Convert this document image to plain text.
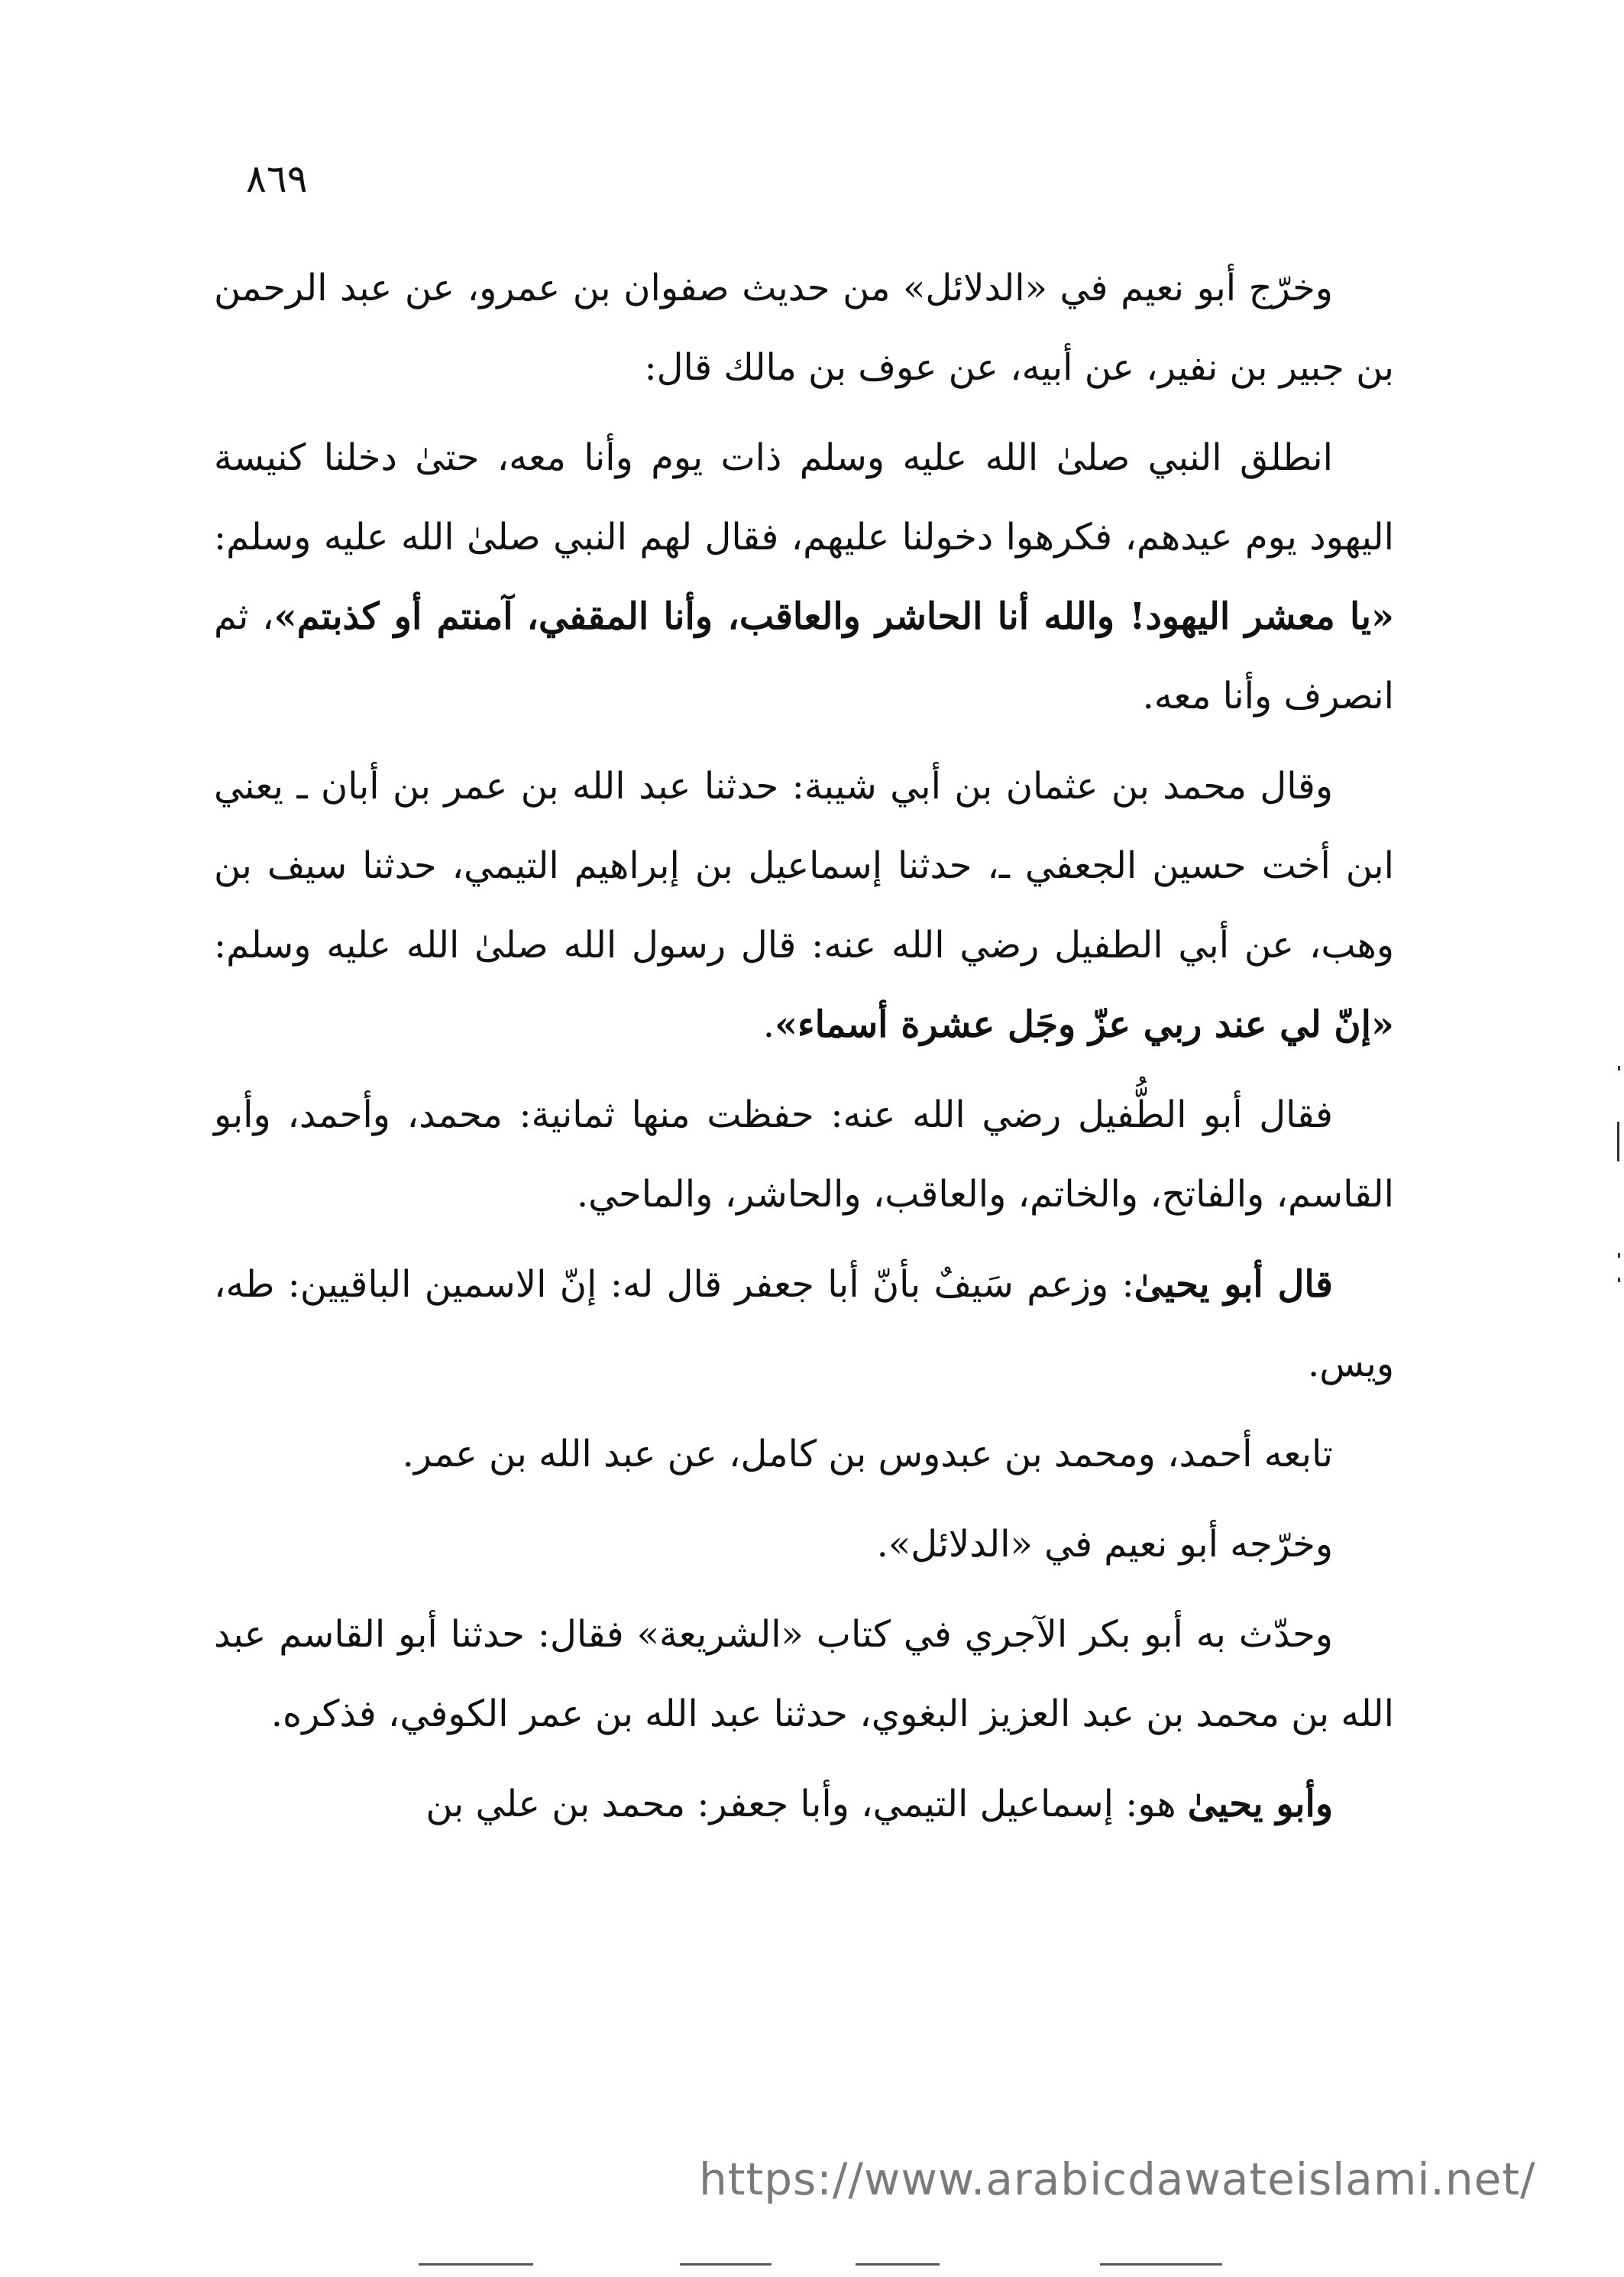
٨٦٩

وخرّج أبو نعيم في «الدلائل» من حديث صفوان بن عمرو، عن عبد الرحمن بن جبير بن نفير، عن أبيه، عن عوف بن مالك قال:

انطلق النبي صلىٰ الله عليه وسلم ذات يوم وأنا معه، حتىٰ دخلنا كنيسة اليهود يوم عيدهم، فكرهوا دخولنا عليهم، فقال لهم النبي صلىٰ الله عليه وسلم: «يا معشر اليهود! والله أنا الحاشر والعاقب، وأنا المقفي، آمنتم أو كذبتم»، ثم انصرف وأنا معه.

وقال محمد بن عثمان بن أبي شيبة: حدثنا عبد الله بن عمر بن أبان ـ يعني ابن أخت حسين الجعفي ـ، حدثنا إسماعيل بن إبراهيم التيمي، حدثنا سيف بن وهب، عن أبي الطفيل رضي الله عنه: قال رسول الله صلىٰ الله عليه وسلم: «إنّ لي عند ربي عزّ وجَل عشرة أسماء».

فقال أبو الطُّفيل رضي الله عنه: حفظت منها ثمانية: محمد، وأحمد، وأبو القاسم، والفاتح، والخاتم، والعاقب، والحاشر، والماحي.

قال أبو يحيىٰ: وزعم سَيفٌ بأنّ أبا جعفر قال له: إنّ الاسمين الباقيين: طه، ويس.

تابعه أحمد، ومحمد بن عبدوس بن كامل، عن عبد الله بن عمر.

وخرّجه أبو نعيم في «الدلائل».

وحدّث به أبو بكر الآجري في كتاب «الشريعة» فقال: حدثنا أبو القاسم عبد الله بن محمد بن عبد العزيز البغوي، حدثنا عبد الله بن عمر الكوفي، فذكره.

وأبو يحيىٰ هو: إسماعيل التيمي، وأبا جعفر: محمد بن علي بن

https://www.arabicdawateislami.net/
